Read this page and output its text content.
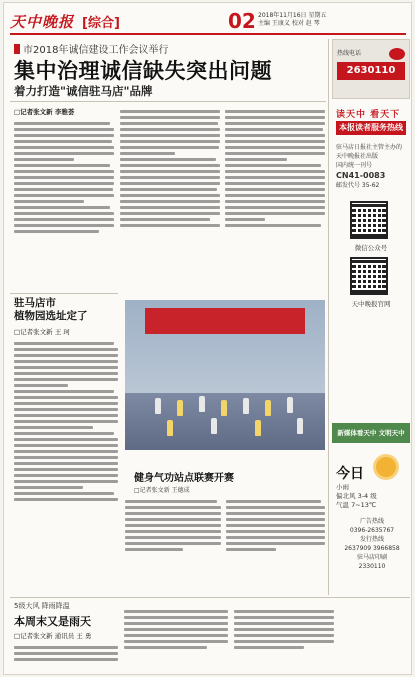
天中晚报 [综合]	02 2018年11月16日 星期五
主编 王康义 校对 赵 琴
市2018年诚信建设工作会议举行
集中治理诚信缺失突出问题
着力打造"诚信驻马店"品牌
□记者张文新 李雅荟
驻马店市
植物园选址定了
□记者张文新 王 珂
健身气功站点联赛开赛
□记者张文新 王德成
5级大风 降雨降温
本周末又是雨天
□记者张文新 通讯员 王 勇
热线电话
2630110
读天中 看天下
本报读者服务热线
驻马店日报社主管主办的
天中晚报社出版
国内统一刊号
CN41-0083
邮发代号 35-62
微信公众号
天中晚报官网
新媒体看天中 文明天中
今日
小雨
偏北风 3-4 级
气温 7~13℃
广告热线
0396-2635767
发行热线
2637909 3966858
驻马店印刷
2330110
